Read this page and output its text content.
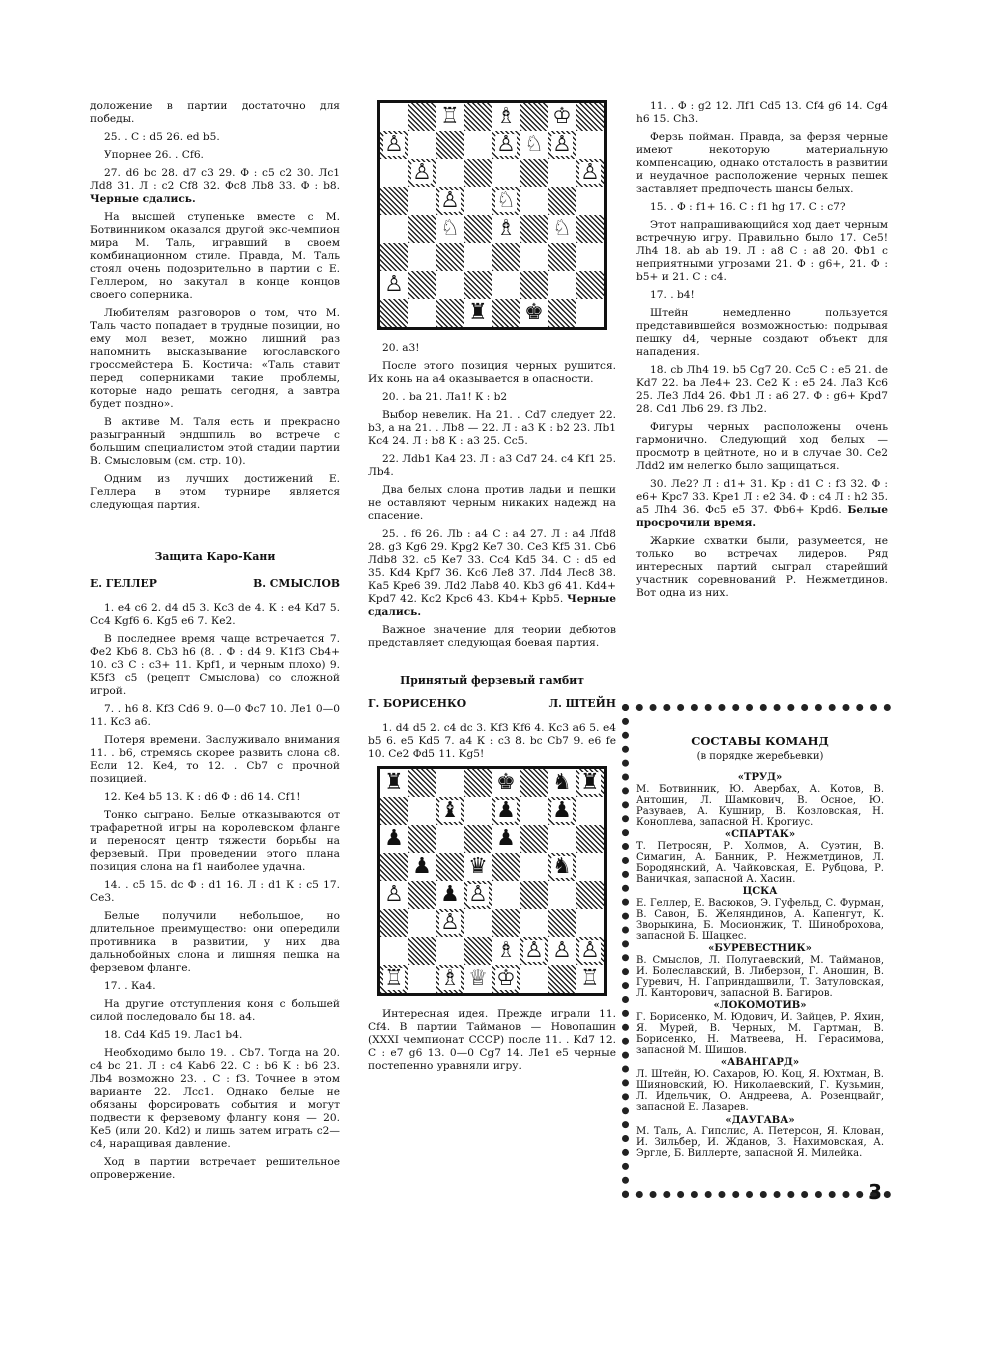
доложение в партии достаточно для победы.

25. . С : d5 26. ed b5.

Упорнее 26. . Cf6.

27. d6 bc 28. d7 c3 29. Ф : c5 c2 30. Лс1 Лd8 31. Л : c2 Cf8 32. Фс8 Лb8 33. Ф : b8. Черные сдались.

На высшей ступеньке вместе с М. Ботвинником оказался другой экс-чемпион мира М. Таль, игравший в своем комбинационном стиле. Правда, М. Таль стоял очень подозрительно в партии с Е. Геллером, но закутал в конце концов своего соперника.

Любителям разговоров о том, что М. Таль часто попадает в трудные позиции, но ему мол везет, можно лишний раз напомнить высказывание югославского гроссмейстера Б. Костича: «Таль ставит перед соперниками такие проблемы, которые надо решать сегодня, а завтра будет поздно».

В активе М. Таля есть и прекрасно разыгранный эндшпиль во встрече с большим специалистом этой стадии партии В. Смысловым (см. стр. 10).

Одним из лучших достижений Е. Геллера в этом турнире является следующая партия.

Защита Каро-Кани
Е. ГЕЛЛЕР	В. СМЫСЛОВ

1. е4 с6 2. d4 d5 3. Кс3 de 4. К : е4 Kd7 5. Сс4 Kgf6 6. Kg5 e6 7. Ке2.

В последнее время чаще встречается 7. Фе2 Kb6 8. Cb3 h6 (8. . Ф : d4 9. K1f3 Cb4+ 10. c3 С : с3+ 11. Kpf1, и черным плохо) 9. K5f3 c5 (рецепт Смыслова) со сложной игрой.

7. . h6 8. Kf3 Cd6 9. 0—0 Фс7 10. Ле1 0—0 11. Кс3 а6.

Потеря времени. Заслуживало внимания 11. . b6, стремясь скорее развить слона с8. Если 12. Ке4, то 12. . Cb7 с прочной позицией.

12. Ке4 b5 13. К : d6 Ф : d6 14. Cf1!

Тонко сыграно. Белые отказываются от трафаретной игры на королевском фланге и переносят центр тяжести борьбы на ферзевый. При проведении этого плана позиция слона на f1 наиболее удачна.

14. . c5 15. dc Ф : d1 16. Л : d1 К : с5 17. Се3.

Белые получили небольшое, но длительное преимущество: они опередили противника в развитии, у них два дальнобойных слона и лишняя пешка на ферзевом фланге.

17. . Ка4.

На другие отступления коня с большей силой последовало бы 18. а4.

18. Cd4 Kd5 19. Лас1 b4.

Необходимо было 19. . Cb7. Тогда на 20. с4 bc 21. Л : с4 Kab6 22. С : b6 K : b6 23. Лb4 возможно 23. . С : f3. Точнее в этом варианте 22. Лсс1. Однако белые не обязаны форсировать события и могут подвести к ферзевому флангу коня — 20. Ке5 (или 20. Kd2) и лишь затем играть с2—с4, наращивая давление.

Ход в партии встречает решительное опровержение.

♖ ♗ ♔
♙	♙ ♘ ♙
♙	♙
♙ ♘
♘ ♗ ♘
♙
♜ ♚

20. а3!

После этого позиция черных рушится. Их конь на а4 оказывается в опасности.

20. . bа 21. Ла1! К : b2

Выбор невелик. На 21. . Cd7 следует 22. b3, а на 21. . Лb8 — 22. Л : а3 К : b2 23. Лb1 Кс4 24. Л : b8 К : а3 25. Сс5.

22. Лdb1 Ка4 23. Л : а3 Cd7 24. с4 Kf1 25. Лb4.

Два белых слона против ладьи и пешки не оставляют черным никаких надежд на спасение.

25. . f6 26. Лb : а4 С : а4 27. Л : а4 Лfd8 28. g3 Kg6 29. Kpg2 Ke7 30. Се3 Kf5 31. Cb6 Лdb8 32. с5 Ке7 33. Сс4 Kd5 34. С : d5 ed 35. Kd4 Kpf7 36. Кс6 Ле8 37. Лd4 Лес8 38. Ка5 Kpe6 39. Лd2 Лab8 40. Kb3 g6 41. Kd4+ Kpd7 42. Кс2 Kpc6 43. Kb4+ Kpb5. Черные сдались.

Важное значение для теории дебютов представляет следующая боевая партия.

Принятый ферзевый гамбит
Г. БОРИСЕНКО	Л. ШТЕЙН

1. d4 d5 2. с4 dc 3. Kf3 Kf6 4. Кс3 а6 5. е4 b5 6. е5 Kd5 7. а4 К : с3 8. bc Cb7 9. е6 fe 10. Се2 Фd5 11. Kg5!

♜	♚ ♞ ♜
♝ ♟ ♟
♟	♟
♟ ♛	♞
♙ ♟ ♙
♙
♗ ♙ ♙ ♙
♖ ♗ ♕ ♔	♖

Интересная идея. Прежде играли 11. Cf4. В партии Тайманов — Новопашин (XXXI чемпионат СССР) после 11. . Kd7 12. С : е7 g6 13. 0—0 Cg7 14. Ле1 е5 черные постепенно уравняли игру.

11. . Ф : g2 12. Лf1 Cd5 13. Cf4 g6 14. Cg4 h6 15. Ch3.

Ферзь пойман. Правда, за ферзя черные имеют некоторую материальную компенсацию, однако отсталость в развитии и неудачное расположение черных пешек заставляет предпочесть шансы белых.

15. . Ф : f1+ 16. С : f1 hg 17. С : с7?

Этот напрашивающийся ход дает черным встречную игру. Правильно было 17. Се5! Лh4 18. аb аb 19. Л : а8 С : а8 20. Фb1 с неприятными угрозами 21. Ф : g6+, 21. Ф : b5+ и 21. С : с4.

17. . b4!

Штейн немедленно пользуется представившейся возможностью: подрывая пешку d4, черные создают объект для нападения.

18. cb Лh4 19. b5 Cg7 20. Сс5 С : е5 21. de Kd7 22. bа Ле4+ 23. Се2 К : е5 24. Ла3 Кс6 25. Ле3 Лd4 26. Фb1 Л : а6 27. Ф : g6+ Kpd7 28. Cd1 Лb6 29. f3 Лb2.

Фигуры черных расположены очень гармонично. Следующий ход белых — просмотр в цейтноте, но и в случае 30. Се2 Лdd2 им нелегко было защищаться.

30. Ле2? Л : d1+ 31. Kp : d1 С : f3 32. Ф : е6+ Kpc7 33. Kpe1 Л : е2 34. Ф : с4 Л : h2 35. а5 Лh4 36. Фс5 е5 37. Фb6+ Kpd6. Белые просрочили время.

Жаркие схватки были, разумеется, не только во встречах лидеров. Ряд интересных партий сыграл старейший участник соревнований Р. Нежметдинов. Вот одна из них.

СОСТАВЫ КОМАНД
(в порядке жеребьевки)
«ТРУД»
М. Ботвинник, Ю. Авербах, А. Котов, В. Антошин, Л. Шамкович, В. Осное, Ю. Разуваев, А. Кушнир, В. Козловская, Н. Коноплева, запасной Н. Крогиус.
«СПАРТАК»
Т. Петросян, Р. Холмов, А. Суэтин, В. Симагин, А. Банник, Р. Нежметдинов, Л. Бородянский, А. Чайковская, Е. Рубцова, Р. Ваничкая, запасной А. Хасин.
ЦСКА
Е. Геллер, Е. Васюков, Э. Гуфельд, С. Фурман, В. Савон, Б. Желяндинов, А. Капенгут, К. Зворыкина, Б. Мосионжик, Т. Шиноброхова, запасной Б. Шацкес.
«БУРЕВЕСТНИК»
В. Смыслов, Л. Полугаевский, М. Тайманов, И. Болеславский, В. Либерзон, Г. Аношин, В. Гуревич, Н. Гаприндашвили, Т. Затуловская, Л. Канторович, запасной В. Багиров.
«ЛОКОМОТИВ»
Г. Борисенко, М. Юдович, И. Зайцев, Р. Яхин, Я. Мурей, В. Черных, М. Гартман, В. Борисенко, Н. Матвеева, Н. Герасимова, запасной М. Шишов.
«АВАНГАРД»
Л. Штейн, Ю. Сахаров, Ю. Коц, Я. Юхтман, В. Шияновский, Ю. Николаевский, Г. Кузьмин, Л. Идельчик, О. Андреева, А. Розенцвайг, запасной Е. Лазарев.
«ДАУГАВА»
М. Таль, А. Гипслис, А. Петерсон, Я. Клован, И. Зильбер, И. Жданов, З. Нахимовская, А. Эргле, Б. Виллерте, запасной Я. Милейка.
3
